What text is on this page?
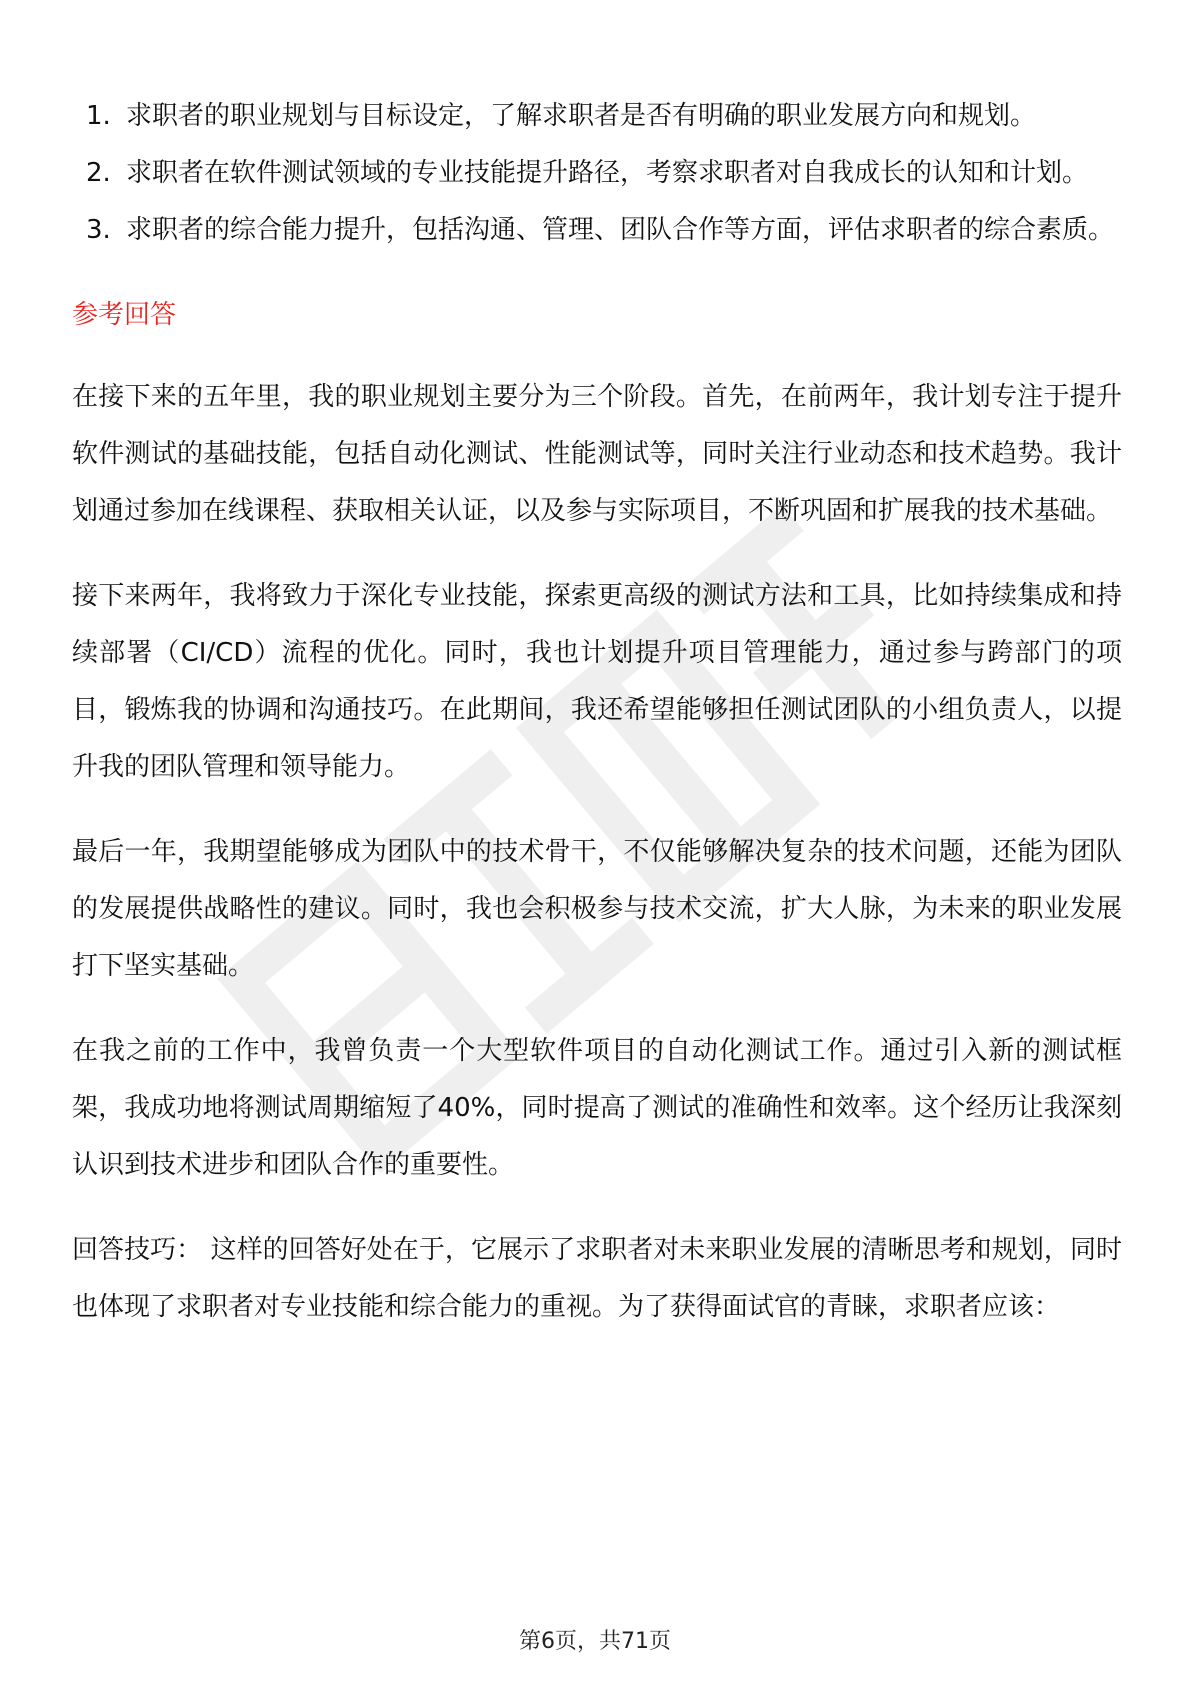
1. 求职者的职业规划与目标设定，了解求职者是否有明确的职业发展方向和规划。
2. 求职者在软件测试领域的专业技能提升路径，考察求职者对自我成长的认知和计划。
3. 求职者的综合能力提升，包括沟通、管理、团队合作等方面，评估求职者的综合素质。
参考回答

在接下来的五年里，我的职业规划主要分为三个阶段。首先，在前两年，我计划专注于提升软件测试的基础技能，包括自动化测试、性能测试等，同时关注行业动态和技术趋势。我计划通过参加在线课程、获取相关认证，以及参与实际项目，不断巩固和扩展我的技术基础。

接下来两年，我将致力于深化专业技能，探索更高级的测试方法和工具，比如持续集成和持续部署（CI/CD）流程的优化。同时，我也计划提升项目管理能力，通过参与跨部门的项目，锻炼我的协调和沟通技巧。在此期间，我还希望能够担任测试团队的小组负责人，以提升我的团队管理和领导能力。

最后一年，我期望能够成为团队中的技术骨干，不仅能够解决复杂的技术问题，还能为团队的发展提供战略性的建议。同时，我也会积极参与技术交流，扩大人脉，为未来的职业发展打下坚实基础。

在我之前的工作中，我曾负责一个大型软件项目的自动化测试工作。通过引入新的测试框架，我成功地将测试周期缩短了40%，同时提高了测试的准确性和效率。这个经历让我深刻认识到技术进步和团队合作的重要性。

回答技巧： 这样的回答好处在于，它展示了求职者对未来职业发展的清晰思考和规划，同时也体现了求职者对专业技能和综合能力的重视。为了获得面试官的青睐，求职者应该：

第6页，共71页
